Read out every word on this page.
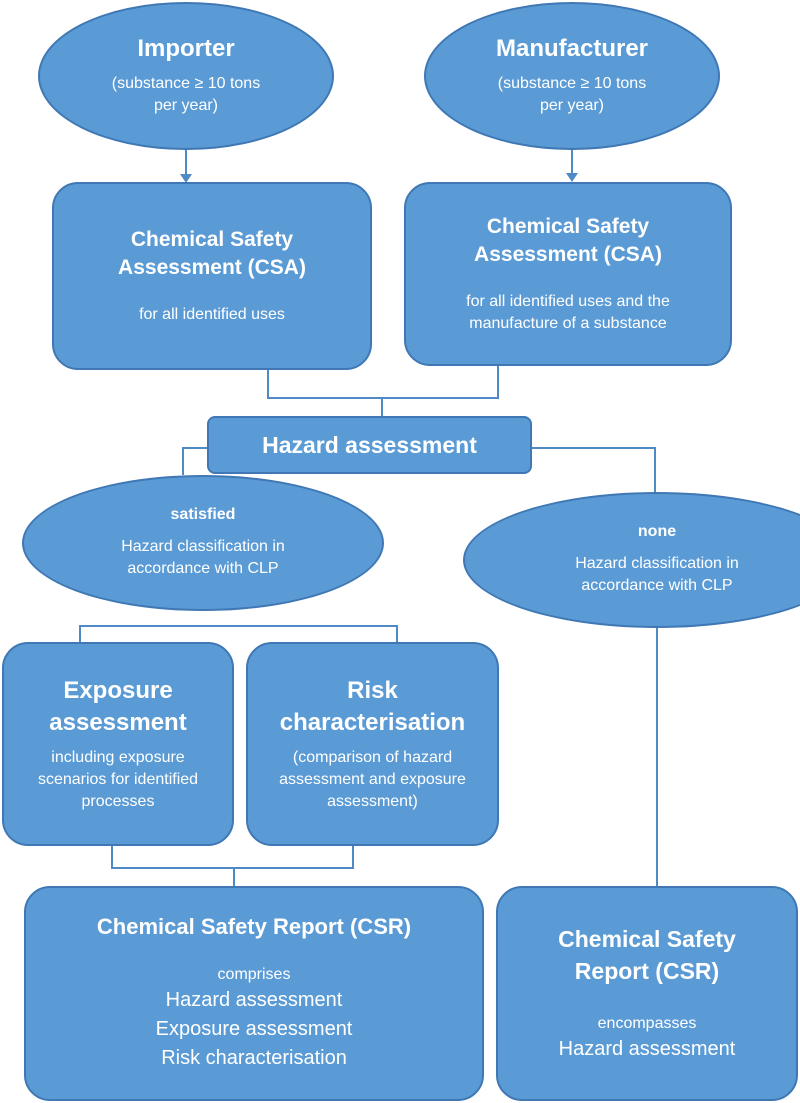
Importer
(substance ≥ 10 tons
per year)
Manufacturer
(substance ≥ 10 tons
per year)
Chemical Safety
Assessment (CSA)
for all identified uses
Chemical Safety
Assessment (CSA)
for all identified uses and the
manufacture of a substance
Hazard assessment
satisfied
Hazard classification in
accordance with CLP
none
Hazard classification in
accordance with CLP
Exposure
assessment
including exposure
scenarios for identified
processes
Risk
characterisation
(comparison of hazard
assessment and exposure
assessment)
Chemical Safety Report (CSR)
comprises
Hazard assessment
Exposure assessment
Risk characterisation
Chemical Safety
Report (CSR)
encompasses
Hazard assessment
